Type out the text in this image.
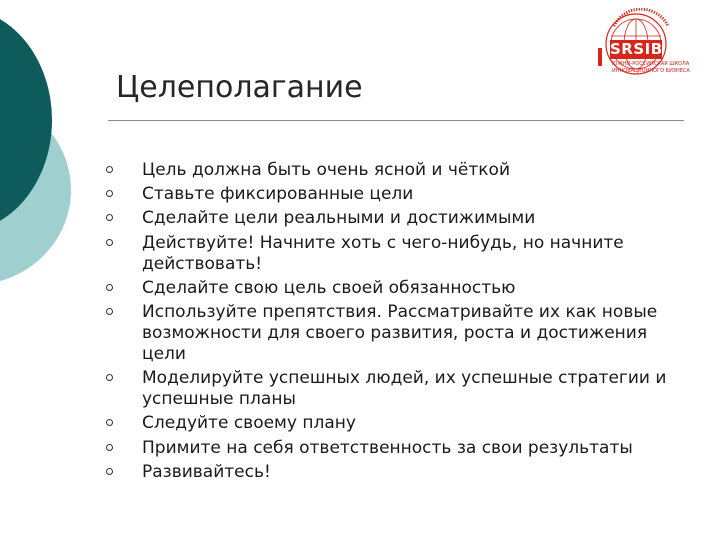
SRSIB
ЮЖНО-РОССИЙСКАЯ ШКОЛА
ИННОВАЦИОННОГО БИЗНЕСА
Целеполагание
Цель должна быть очень ясной и чёткой
Ставьте фиксированные цели
Сделайте цели реальными и достижимыми
Действуйте! Начните хоть с чего-нибудь, но начните действовать!
Сделайте свою цель своей обязанностью
Используйте препятствия. Рассматривайте их как новые возможности для своего развития, роста и достижения цели
Моделируйте успешных людей, их успешные стратегии и успешные планы
Следуйте своему плану
Примите на себя ответственность за свои результаты
Развивайтесь!
